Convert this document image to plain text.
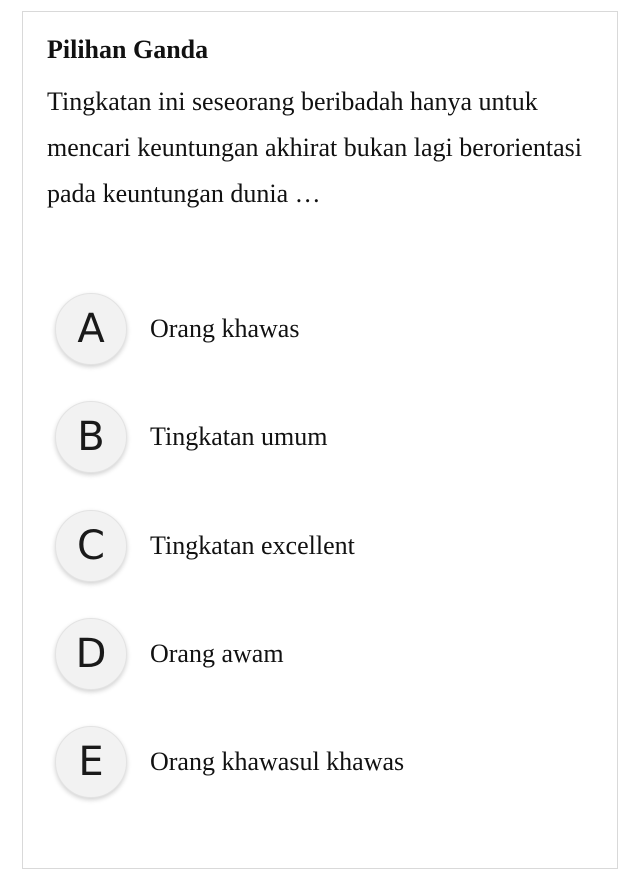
Pilihan Ganda
Tingkatan ini seseorang beribadah hanya untuk mencari keuntungan akhirat bukan lagi berorientasi pada keuntungan dunia …
A	Orang khawas
B	Tingkatan umum
C	Tingkatan excellent
D	Orang awam
E	Orang khawasul khawas
